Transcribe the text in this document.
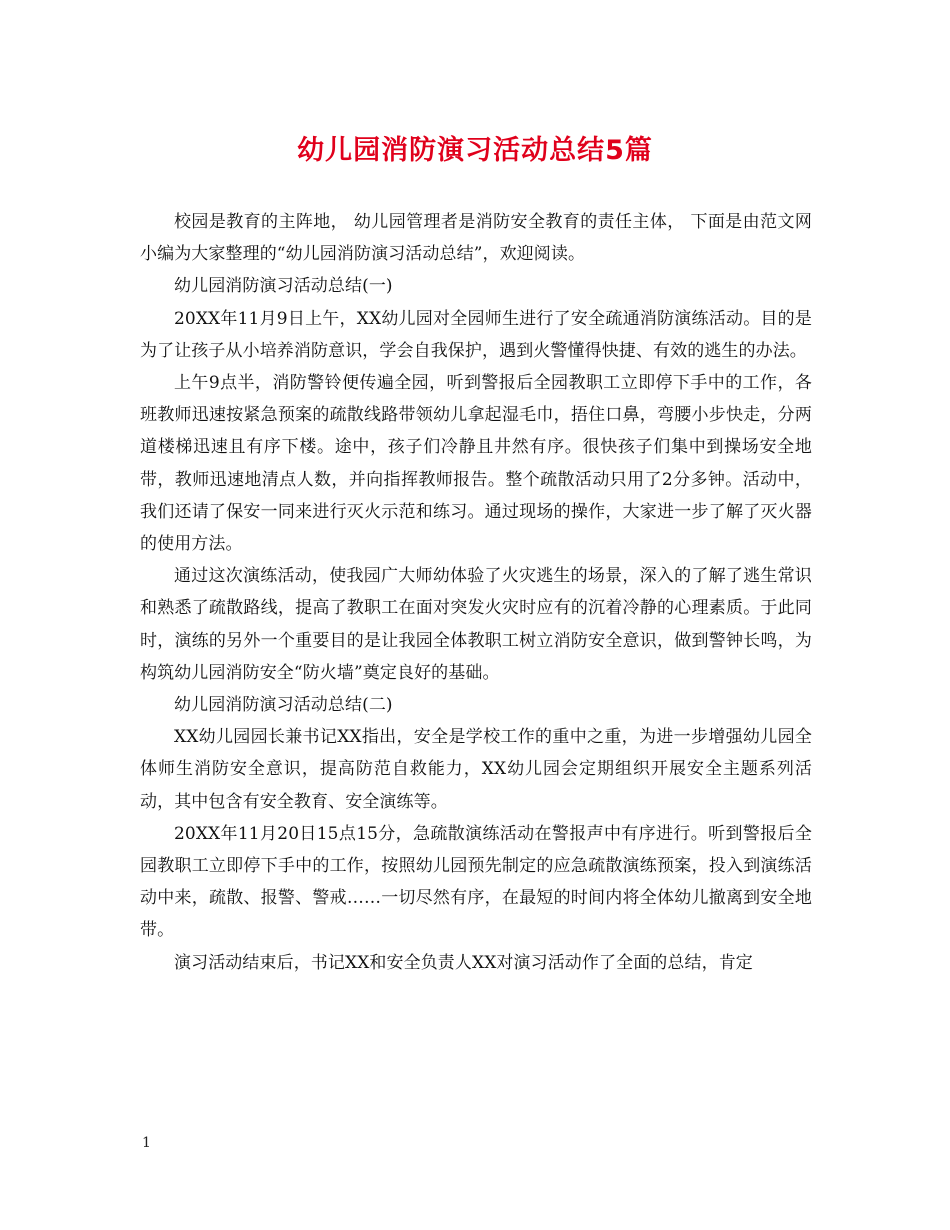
幼儿园消防演习活动总结5篇

校园是教育的主阵地， 幼儿园管理者是消防安全教育的责任主体， 下面是由范文网小编为大家整理的“幼儿园消防演习活动总结”，欢迎阅读。

幼儿园消防演习活动总结(一)

20XX年11月9日上午，XX幼儿园对全园师生进行了安全疏通消防演练活动。目的是为了让孩子从小培养消防意识，学会自我保护，遇到火警懂得快捷、有效的逃生的办法。

上午9点半，消防警铃便传遍全园，听到警报后全园教职工立即停下手中的工作，各班教师迅速按紧急预案的疏散线路带领幼儿拿起湿毛巾，捂住口鼻，弯腰小步快走，分两道楼梯迅速且有序下楼。途中，孩子们冷静且井然有序。很快孩子们集中到操场安全地带，教师迅速地清点人数，并向指挥教师报告。整个疏散活动只用了2分多钟。活动中，我们还请了保安一同来进行灭火示范和练习。通过现场的操作，大家进一步了解了灭火器的使用方法。

通过这次演练活动，使我园广大师幼体验了火灾逃生的场景，深入的了解了逃生常识和熟悉了疏散路线，提高了教职工在面对突发火灾时应有的沉着冷静的心理素质。于此同时，演练的另外一个重要目的是让我园全体教职工树立消防安全意识，做到警钟长鸣，为构筑幼儿园消防安全“防火墙”奠定良好的基础。

幼儿园消防演习活动总结(二)

XX幼儿园园长兼书记XX指出，安全是学校工作的重中之重，为进一步增强幼儿园全体师生消防安全意识，提高防范自救能力，XX幼儿园会定期组织开展安全主题系列活动，其中包含有安全教育、安全演练等。

20XX年11月20日15点15分，急疏散演练活动在警报声中有序进行。听到警报后全园教职工立即停下手中的工作，按照幼儿园预先制定的应急疏散演练预案，投入到演练活动中来，疏散、报警、警戒……一切尽然有序，在最短的时间内将全体幼儿撤离到安全地带。

演习活动结束后，书记XX和安全负责人XX对演习活动作了全面的总结，肯定

1
